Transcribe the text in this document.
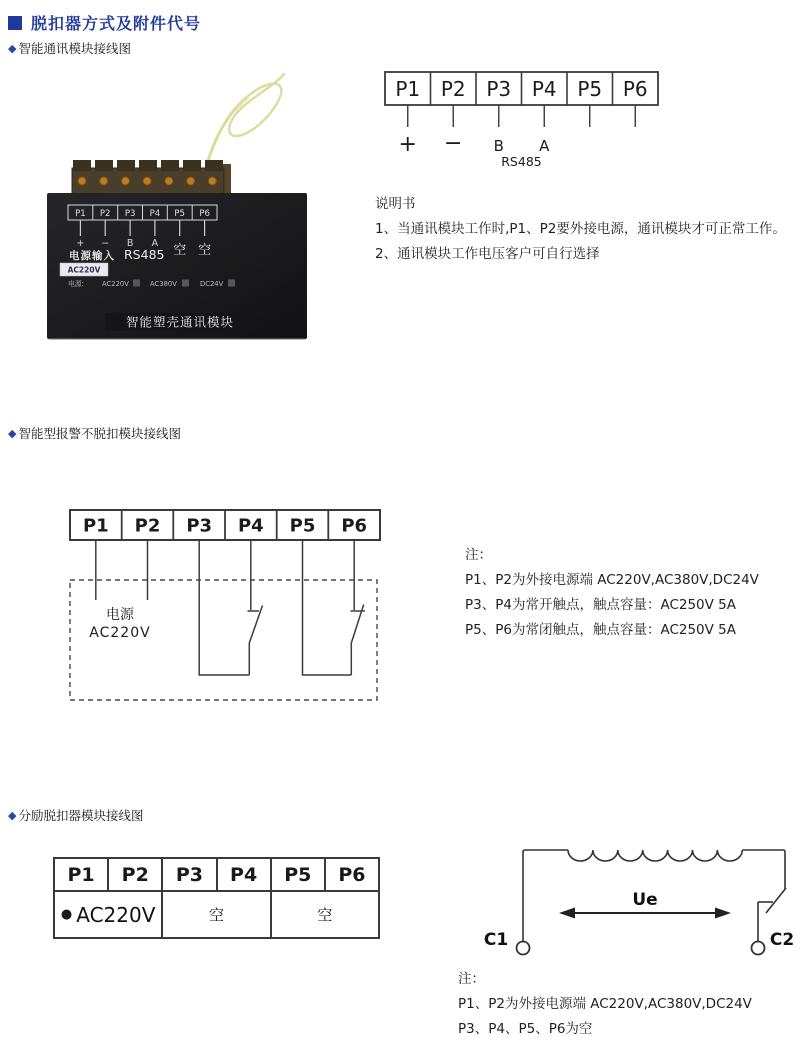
脱扣器方式及附件代号
◆ 智能通讯模块接线图
P1 P2 P3 P4 P5 P6
+ − B A 空 空
电源输入 RS485
AC220V
电源:	AC220V	AC380V	DC24V
智能塑壳通讯模块
P1 P2 P3 P4 P5 P6
+ − B A
RS485
说明书
1、当通讯模块工作时,P1、P2要外接电源，通讯模块才可正常工作。
2、通讯模块工作电压客户可自行选择
◆ 智能型报警不脱扣模块接线图
P1 P2 P3 P4 P5 P6
电源
AC220V
注：
P1、P2为外接电源端 AC220V,AC380V,DC24V
P3、P4为常开触点，触点容量：AC250V 5A
P5、P6为常闭触点，触点容量：AC250V 5A
◆ 分励脱扣器模块接线图
P1	P2	P3	P4	P5	P6
● AC220V	空	空
Ue
C1	C2
注：
P1、P2为外接电源端 AC220V,AC380V,DC24V
P3、P4、P5、P6为空
